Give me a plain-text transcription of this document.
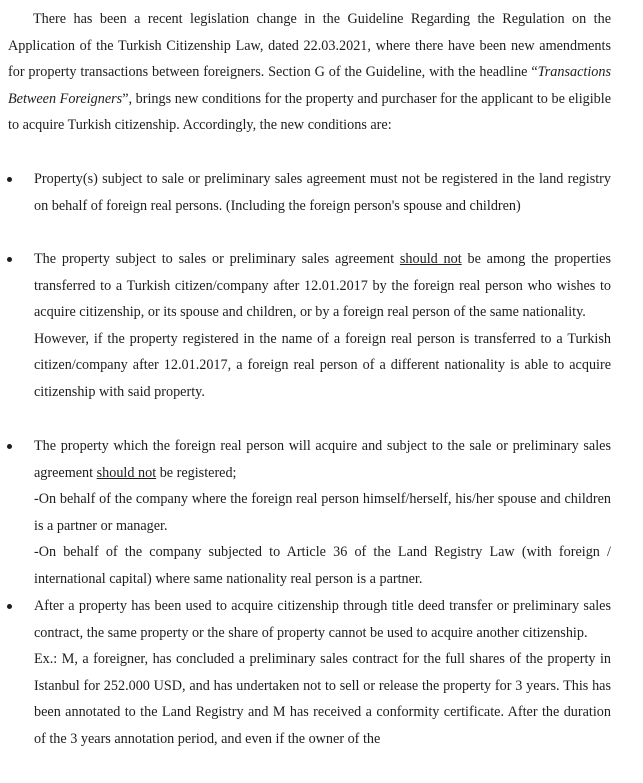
There has been a recent legislation change in the Guideline Regarding the Regulation on the Application of the Turkish Citizenship Law, dated 22.03.2021, where there have been new amendments for property transactions between foreigners. Section G of the Guideline, with the headline “Transactions Between Foreigners”, brings new conditions for the property and purchaser for the applicant to be eligible to acquire Turkish citizenship. Accordingly, the new conditions are:

Property(s) subject to sale or preliminary sales agreement must not be registered in the land registry on behalf of foreign real persons. (Including the foreign person's spouse and children)

The property subject to sales or preliminary sales agreement should not be among the properties transferred to a Turkish citizen/company after 12.01.2017 by the foreign real person who wishes to acquire citizenship, or its spouse and children, or by a foreign real person of the same nationality.

However, if the property registered in the name of a foreign real person is transferred to a Turkish citizen/company after 12.01.2017, a foreign real person of a different nationality is able to acquire citizenship with said property.

The property which the foreign real person will acquire and subject to the sale or preliminary sales agreement should not be registered;

-On behalf of the company where the foreign real person himself/herself, his/her spouse and children is a partner or manager.

-On behalf of the company subjected to Article 36 of the Land Registry Law (with foreign / international capital) where same nationality real person is a partner.

After a property has been used to acquire citizenship through title deed transfer or preliminary sales contract, the same property or the share of property cannot be used to acquire another citizenship.

Ex.: M, a foreigner, has concluded a preliminary sales contract for the full shares of the property in Istanbul for 252.000 USD, and has undertaken not to sell or release the property for 3 years. This has been annotated to the Land Registry and M has received a conformity certificate. After the duration of the 3 years annotation period, and even if the owner of the
